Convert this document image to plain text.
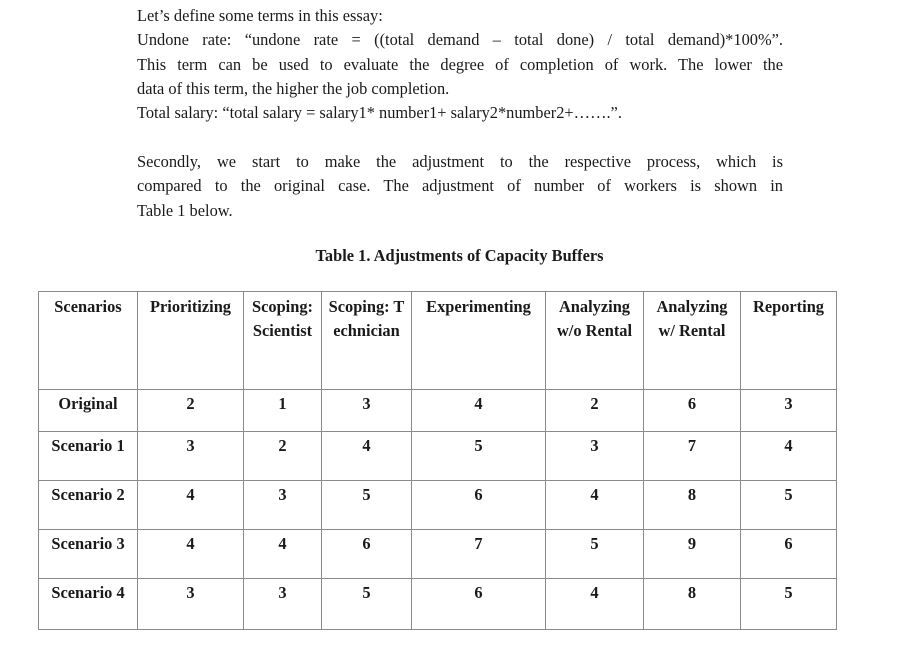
Let’s define some terms in this essay:
Undone rate: “undone rate = ((total demand – total done) / total demand)*100%”.
This term can be used to evaluate the degree of completion of work. The lower the
data of this term, the higher the job completion.
Total salary: “total salary = salary1* number1+ salary2*number2+…….”.
Secondly, we start to make the adjustment to the respective process, which is
compared to the original case. The adjustment of number of workers is shown in
Table 1 below.
Table 1. Adjustments of Capacity Buffers
Scenarios	Prioritizing	Scoping: Scientist	Scoping: Technician	Experimenting	Analyzing w/o Rental	Analyzing w/ Rental	Reporting
Original	2	1	3	4	2	6	3
Scenario 1	3	2	4	5	3	7	4
Scenario 2	4	3	5	6	4	8	5
Scenario 3	4	4	6	7	5	9	6
Scenario 4	3	3	5	6	4	8	5
